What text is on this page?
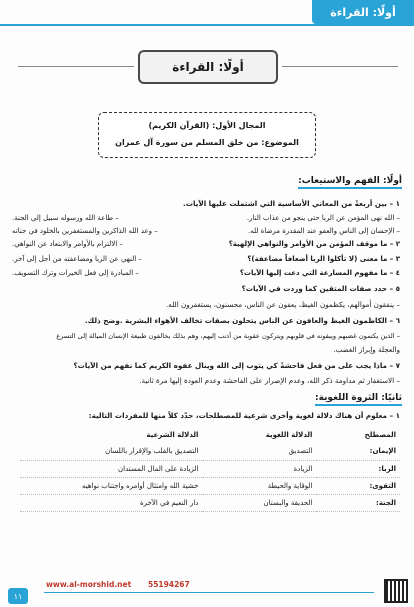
أولًا: القراءة
أولًا: القراءة
المجال الأول: (القرآن الكريم)
الموضوع: من خلق المسلم من سورة آل عمران
أولًا: الفهم والاستيعاب:
١ – بين أربعةً من المعاني الأساسية التي اشتملت عليها الآيات.
– الله نهى المؤمن عن الربا حتى ينجو من عذاب النار.
– طاعة الله ورسوله سبيل إلى الجنة.
– الإحسان إلى الناس والعفو عند المقدرة مرضاة لله.
– وعد الله الذاكرين والمستغفرين بالخلود في جناته
٢ – ما موقف المؤمن من الأوامر والنواهي الإلهية؟
– الالتزام بالأوامر والابتعاد عن النواهي.
٣ – ما معنى (لا تأكلوا الربا أضعافاً مضاعفة)؟
– النهي عن الربا ومضاعفته من أجل إلى آخر.
٤ – ما مفهوم المسارعة التي دعت إليها الآيات؟
– المبادرة إلى فعل الخيرات وترك التسويف.
٥ – حدد صفات المتقين كما وردت في الآيات؟
– ينفقون أموالهم، يكظمون الغيظ، يعفون عن الناس، محسنون، يستغفرون الله.
٦ – الكاظمون الغيظ والعافون عن الناس يتحلون بصفات تخالف الأهواء البشرية .وضح ذلك.
– الذين يكتمون غضبهم ويبقونه في قلوبهم ويتركون عقوبة من أذنب إليهم، وهم بذلك يخالفون طبيعة الإنسان الميالة إلى التسرع
والعجلة وإبراز الغضب.
٧ – ماذا يجب على من فعل فاحشةً كي يتوب إلى الله وينال عفوه الكريم كما نفهم من الآيات؟
– الاستغفار ثم مداومة ذكر الله، وعدم الإصرار على الفاحشة وعدم العودة إليها مرة ثانية.
ثانيًا: الثروة اللغوية:
١ – معلوم أن هناك دلالة لغوية وأخرى شرعية للمصطلحات، حدّد كلاً منها للمفردات التالية:
المصطلح	الدلالة اللغوية	الدلالة الشرعية
الإيمان:	التصديق	التصديق بالقلب والإقرار باللسان
الربا:	الزيادة	الزيادة على المال المستدان
التقوى:	الوقاية والحيطة	خشية الله وامتثال أوامره واجتناب نواهيه
الجنة:	الحديقة والبستان	دار النعيم في الآخرة
١١
www.al-morshid.net 55194267
